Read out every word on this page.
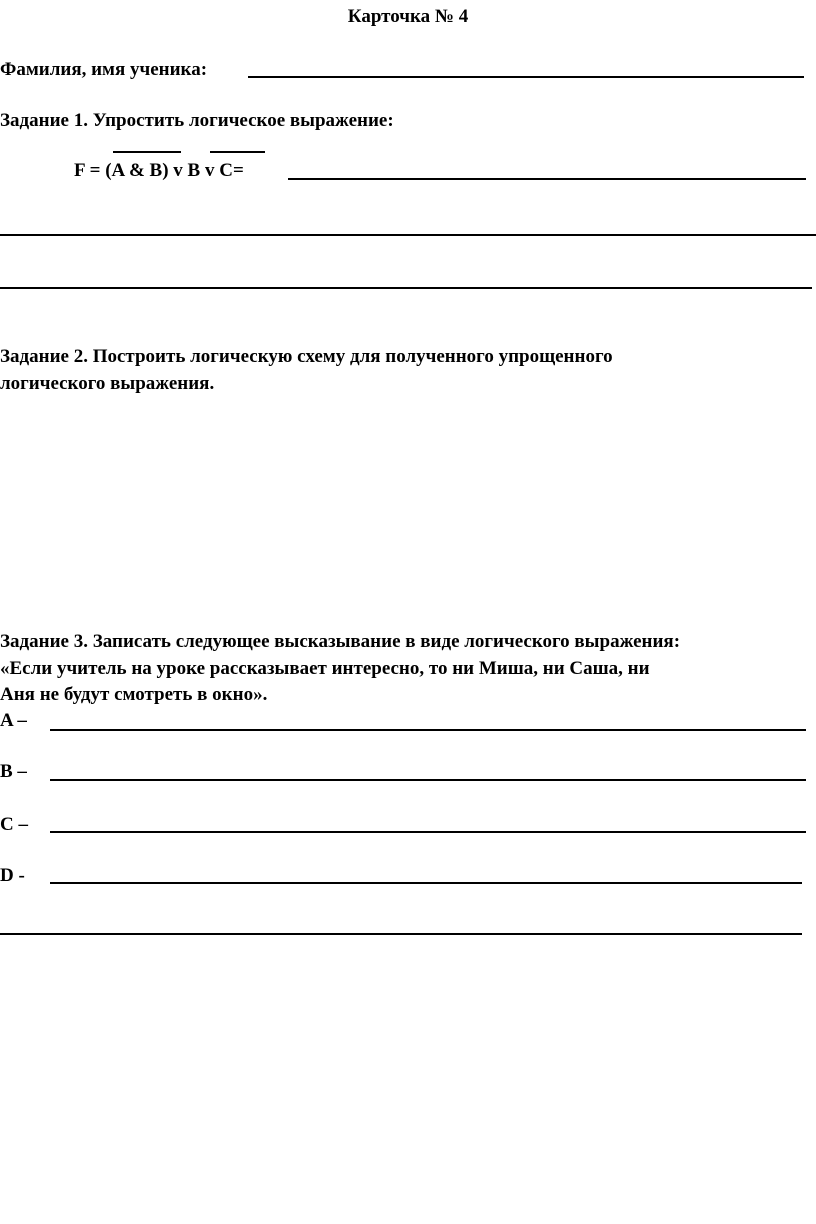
Карточка № 4
Фамилия, имя ученика:
Задание 1. Упростить логическое выражение:
F = (A & B) v B v C=
Задание 2. Построить логическую схему для полученного упрощенного
логического выражения.
Задание 3. Записать следующее высказывание в виде логического выражения:
«Если учитель на уроке рассказывает интересно, то ни Миша, ни Саша, ни
Аня не будут смотреть в окно».
A –
B –
C –
D -
